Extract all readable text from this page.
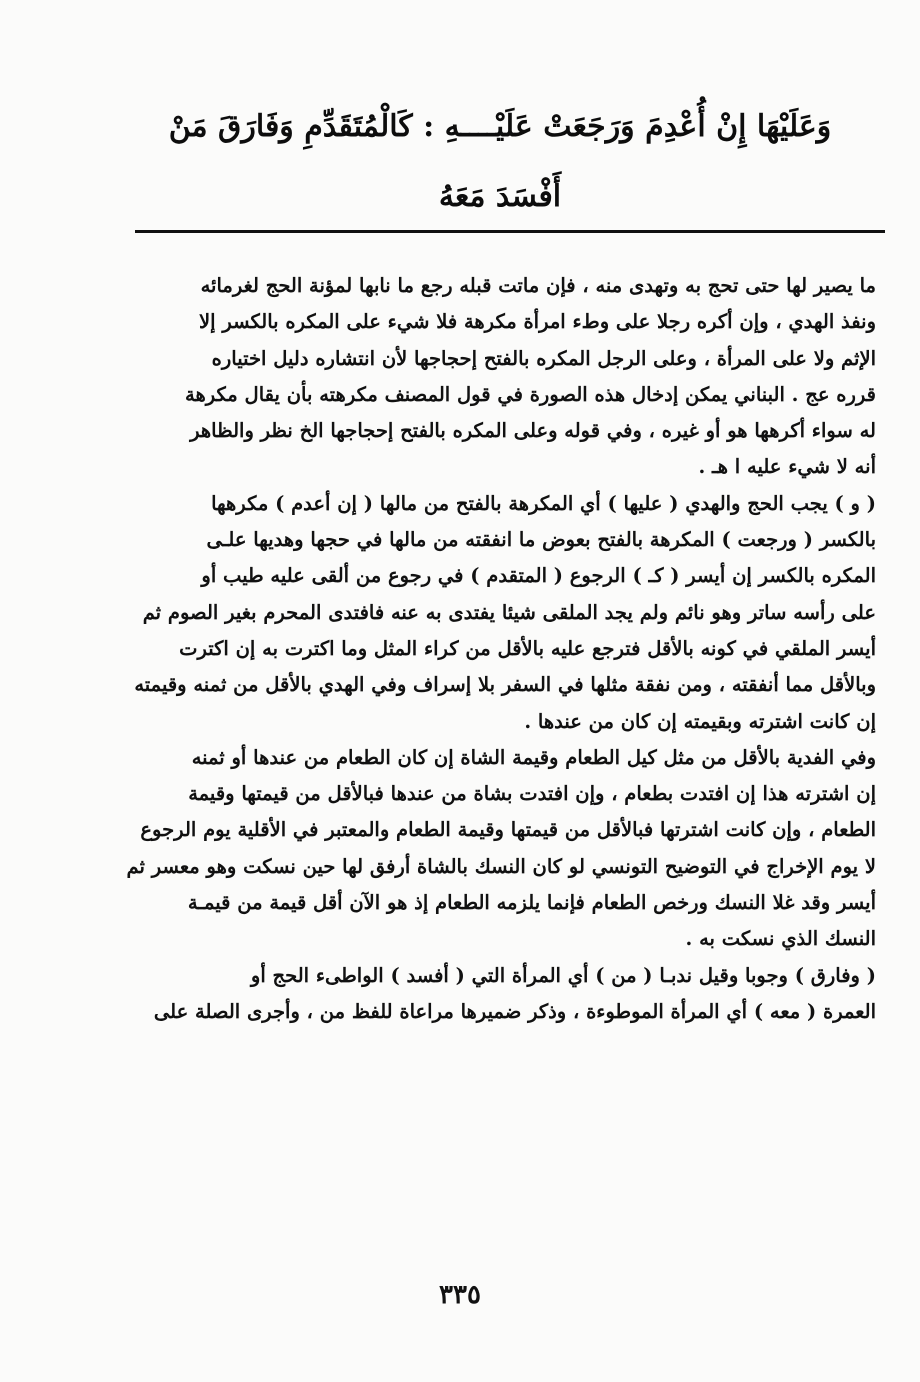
وَعَلَيْهَا إِنْ أُعْدِمَ وَرَجَعَتْ عَلَيْــــهِ : كَالْمُتَقَدِّمِ وَفَارَقَ مَنْ
أَفْسَدَ مَعَهُ
ما يصير لها حتى تحج به وتهدى منه ، فإن ماتت قبله رجع ما نابها لمؤنة الحج لغرمائه
ونفذ الهدي ، وإن أكره رجلا على وطء امرأة مكرهة فلا شيء على المكره بالكسر إلا
الإثم ولا على المرأة ، وعلى الرجل المكره بالفتح إحجاجها لأن انتشاره دليل اختياره
قرره عج . البناني يمكن إدخال هذه الصورة في قول المصنف مكرهته بأن يقال مكرهة
له سواء أكرهها هو أو غيره ، وفي قوله وعلى المكره بالفتح إحجاجها الخ نظر والظاهر
أنه لا شيء عليه ا هـ .
( و ) يجب الحج والهدي ( عليها ) أي المكرهة بالفتح من مالها ( إن أعدم ) مكرهها
بالكسر ( ورجعت ) المكرهة بالفتح بعوض ما انفقته من مالها في حجها وهديها علـى
المكره بالكسر إن أيسر ( كـ ) الرجوع ( المتقدم ) في رجوع من ألقى عليه طيب أو
على رأسه ساتر وهو نائم ولم يجد الملقى شيئا يفتدى به عنه فافتدى المحرم بغير الصوم ثم
أيسر الملقي في كونه بالأقل فترجع عليه بالأقل من كراء المثل وما اكترت به إن اكترت
وبالأقل مما أنفقته ، ومن نفقة مثلها في السفر بلا إسراف وفي الهدي بالأقل من ثمنه وقيمته
إن كانت اشترته وبقيمته إن كان من عندها .
وفي الفدية بالأقل من مثل كيل الطعام وقيمة الشاة إن كان الطعام من عندها أو ثمنه
إن اشترته هذا إن افتدت بطعام ، وإن افتدت بشاة من عندها فبالأقل من قيمتها وقيمة
الطعام ، وإن كانت اشترتها فبالأقل من قيمتها وقيمة الطعام والمعتبر في الأقلية يوم الرجوع
لا يوم الإخراج في التوضيح التونسي لو كان النسك بالشاة أرفق لها حين نسكت وهو معسر ثم
أيسر وقد غلا النسك ورخص الطعام فإنما يلزمه الطعام إذ هو الآن أقل قيمة من قيمـة
النسك الذي نسكت به .
( وفارق ) وجوبا وقيل ندبـا ( من ) أي المرأة التي ( أفسد ) الواطىء الحج أو
العمرة ( معه ) أي المرأة الموطوءة ، وذكر ضميرها مراعاة للفظ من ، وأجرى الصلة على
٣٣٥
